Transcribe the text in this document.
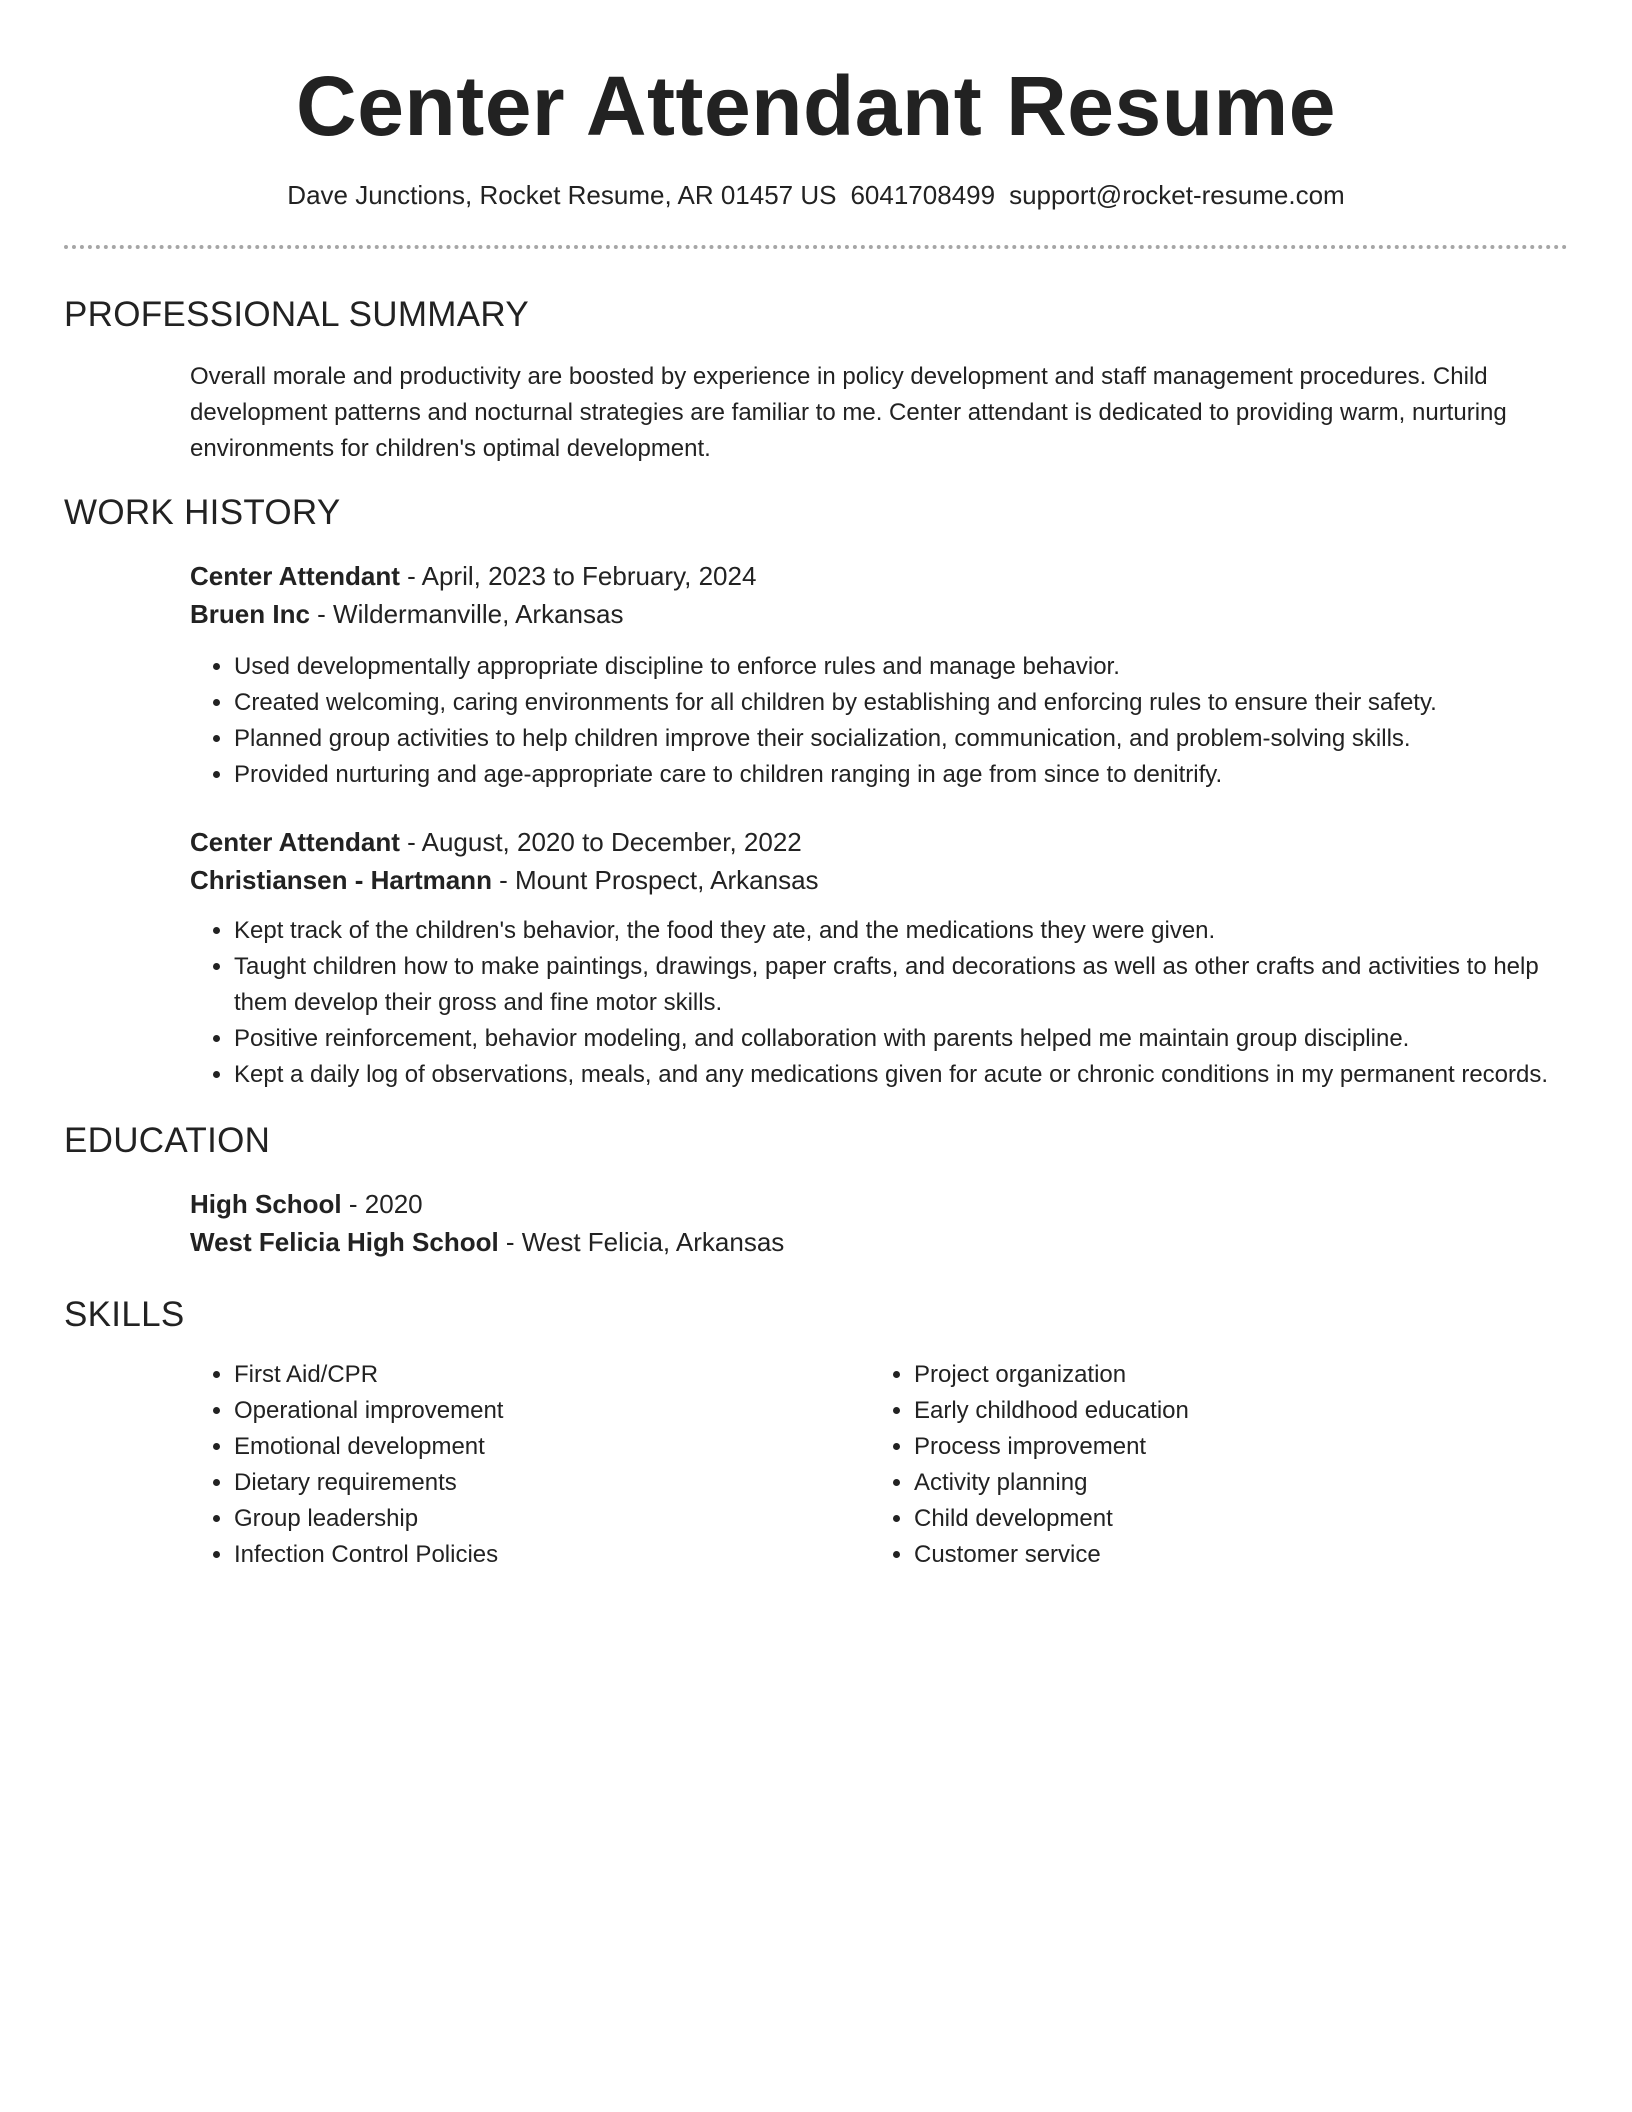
Center Attendant Resume
Dave Junctions, Rocket Resume, AR 01457 US 6041708499 support@rocket-resume.com
PROFESSIONAL SUMMARY

Overall morale and productivity are boosted by experience in policy development and staff management procedures. Child development patterns and nocturnal strategies are familiar to me. Center attendant is dedicated to providing warm, nurturing environments for children's optimal development.

WORK HISTORY
Center Attendant - April, 2023 to February, 2024
Bruen Inc - Wildermanville, Arkansas
• Used developmentally appropriate discipline to enforce rules and manage behavior.
• Created welcoming, caring environments for all children by establishing and enforcing rules to ensure their safety.
• Planned group activities to help children improve their socialization, communication, and problem-solving skills.
• Provided nurturing and age-appropriate care to children ranging in age from since to denitrify.
Center Attendant - August, 2020 to December, 2022
Christiansen - Hartmann - Mount Prospect, Arkansas
• Kept track of the children's behavior, the food they ate, and the medications they were given.
• Taught children how to make paintings, drawings, paper crafts, and decorations as well as other crafts and activities to help them develop their gross and fine motor skills.
• Positive reinforcement, behavior modeling, and collaboration with parents helped me maintain group discipline.
• Kept a daily log of observations, meals, and any medications given for acute or chronic conditions in my permanent records.
EDUCATION
High School - 2020
West Felicia High School - West Felicia, Arkansas
SKILLS
• First Aid/CPR
• Operational improvement
• Emotional development
• Dietary requirements
• Group leadership
• Infection Control Policies
• Project organization
• Early childhood education
• Process improvement
• Activity planning
• Child development
• Customer service
